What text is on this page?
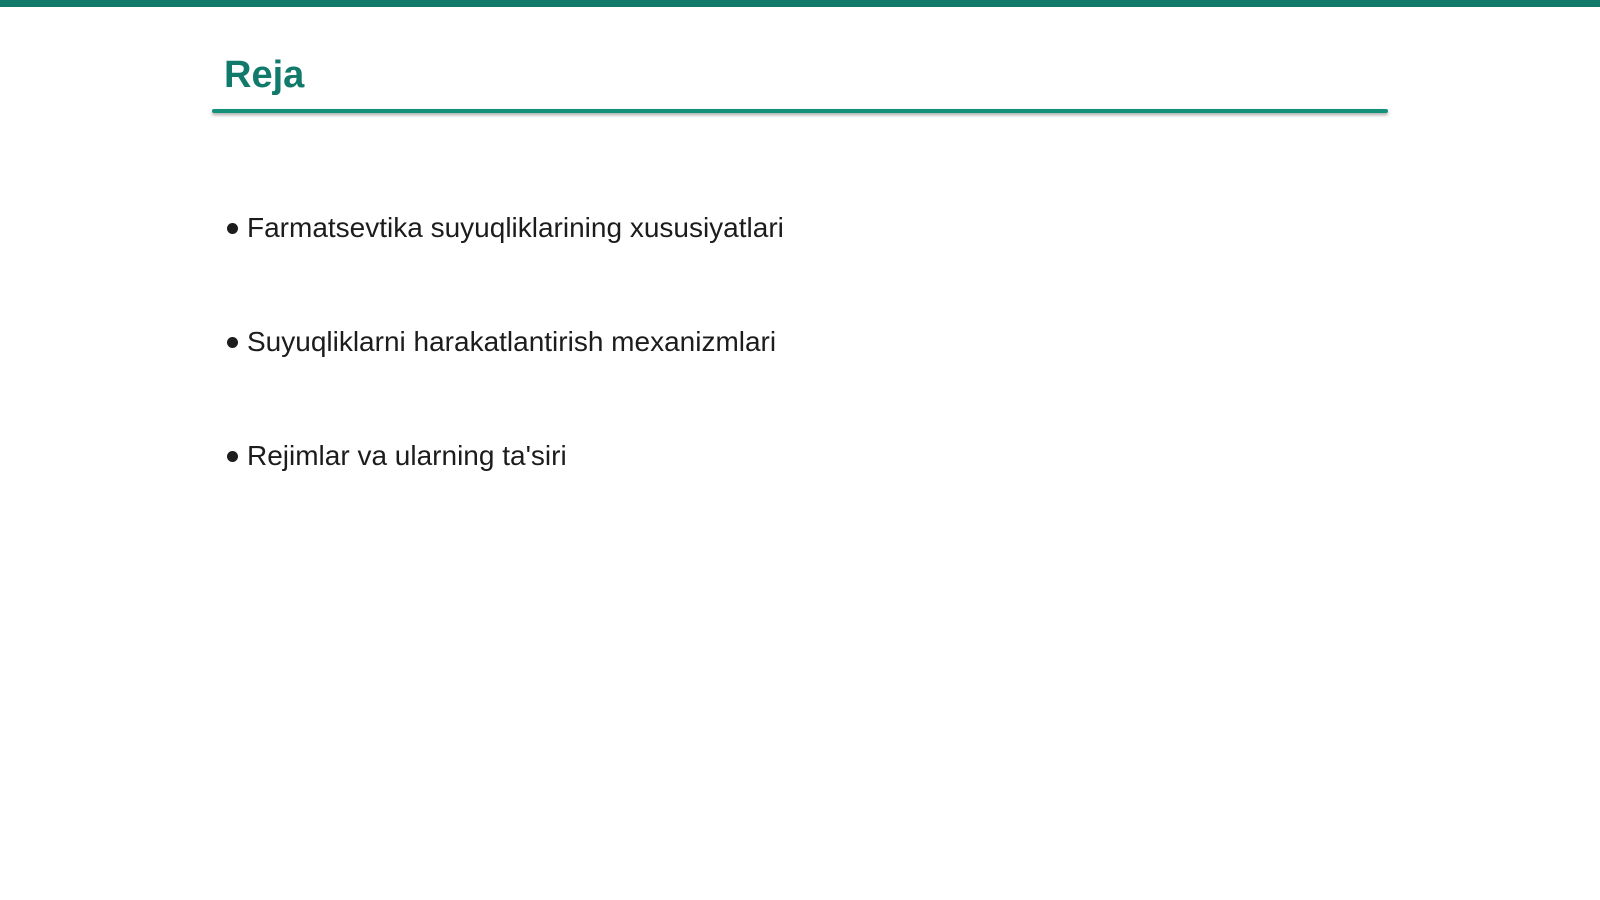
Reja
Farmatsevtika suyuqliklarining xususiyatlari
Suyuqliklarni harakatlantirish mexanizmlari
Rejimlar va ularning ta'siri
